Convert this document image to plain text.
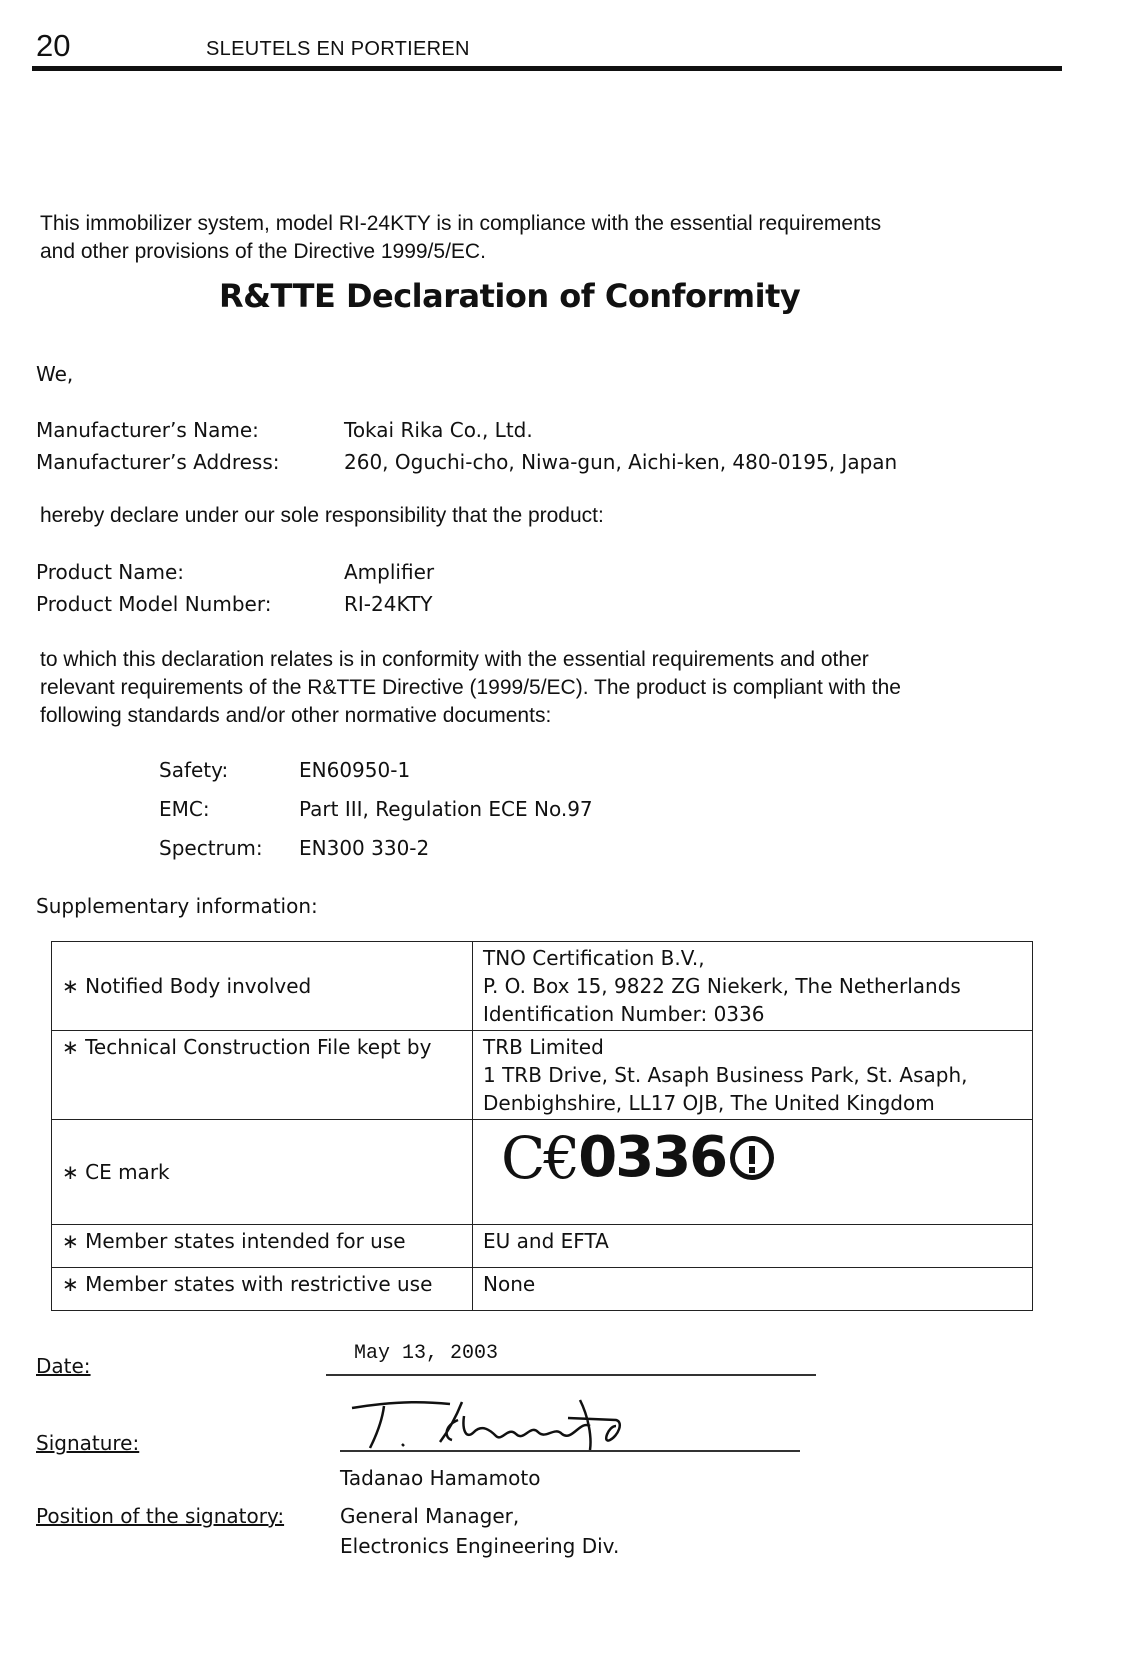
20	SLEUTELS EN PORTIEREN
This immobilizer system, model RI-24KTY is in compliance with the essential requirements
and other provisions of the Directive 1999/5/EC.
R&TTE Declaration of Conformity
We,
Manufacturer’s Name:	Tokai Rika Co., Ltd.
Manufacturer’s Address:	260, Oguchi-cho, Niwa-gun, Aichi-ken, 480-0195, Japan
hereby declare under our sole responsibility that the product:
Product Name:	Amplifier
Product Model Number:	RI-24KTY
to which this declaration relates is in conformity with the essential requirements and other
relevant requirements of the R&TTE Directive (1999/5/EC). The product is compliant with the
following standards and/or other normative documents:
Safety:	EN60950-1
EMC:	Part III, Regulation ECE No.97
Spectrum: EN300 330-2
Supplementary information:
∗ Notified Body involved	TNO Certification B.V.,
P. O. Box 15, 9822 ZG Niekerk, The Netherlands
Identification Number: 0336

∗ Technical Construction File kept by	TRB Limited
1 TRB Drive, St. Asaph Business Park, St. Asaph,
Denbighshire, LL17 OJB, The United Kingdom

∗ CE mark	C€ 0336

∗ Member states intended for use	EU and EFTA
∗ Member states with restrictive use	None
Date:
May 13, 2003
Signature:
Tadanao Hamamoto
Position of the signatory:	General Manager,
Electronics Engineering Div.
